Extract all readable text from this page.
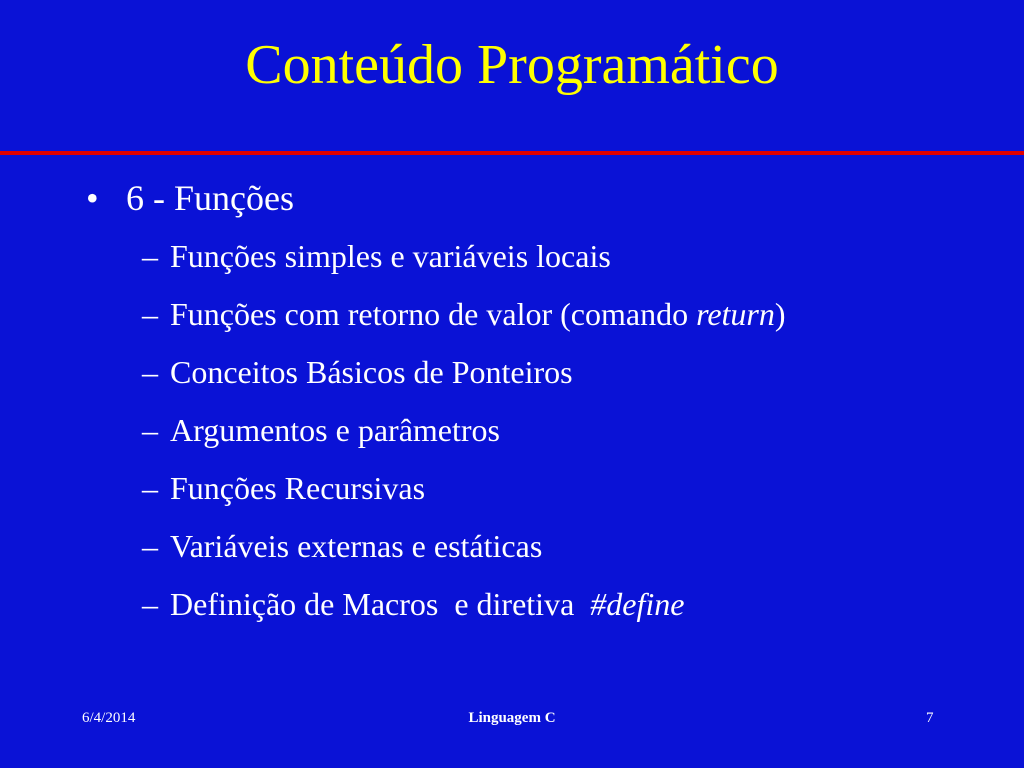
Conteúdo Programático
• 6 - Funções
– Funções simples e variáveis locais
– Funções com retorno de valor (comando return)
– Conceitos Básicos de Ponteiros
– Argumentos e parâmetros
– Funções Recursivas
– Variáveis externas e estáticas
– Definição de Macros  e diretiva  #define
6/4/2014	Linguagem C	7
